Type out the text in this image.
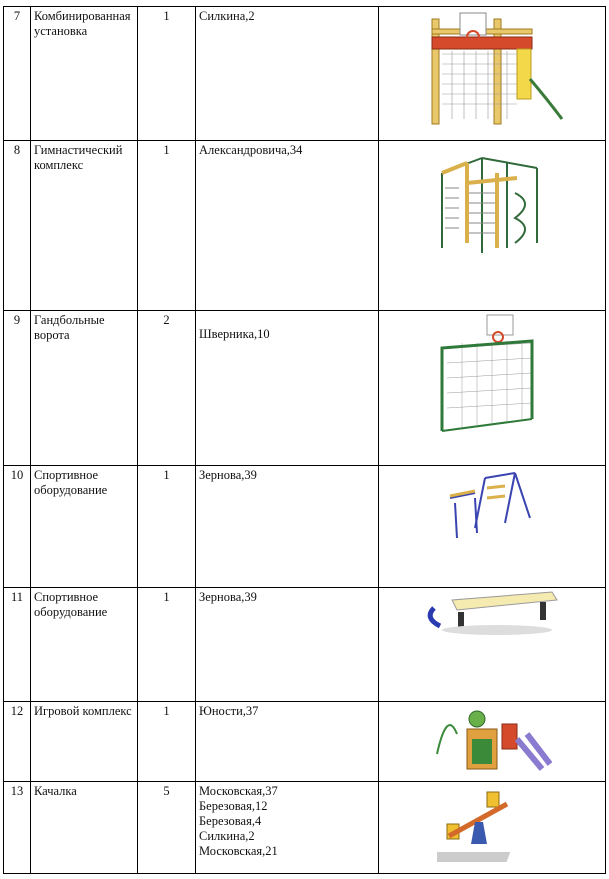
7	Комбинированная установка	1	Силкина,2

8	Гимнастический комплекс	1	Александровича,34

9	Гандбольные ворота	2	Шверника,10

10	Спортивное оборудование	1	Зернова,39

11	Спортивное оборудование	1	Зернова,39

12	Игровой комплекс	1	Юности,37

13	Качалка	5	Московская,37
Березовая,12
Березовая,4
Силкина,2
Московская,21
